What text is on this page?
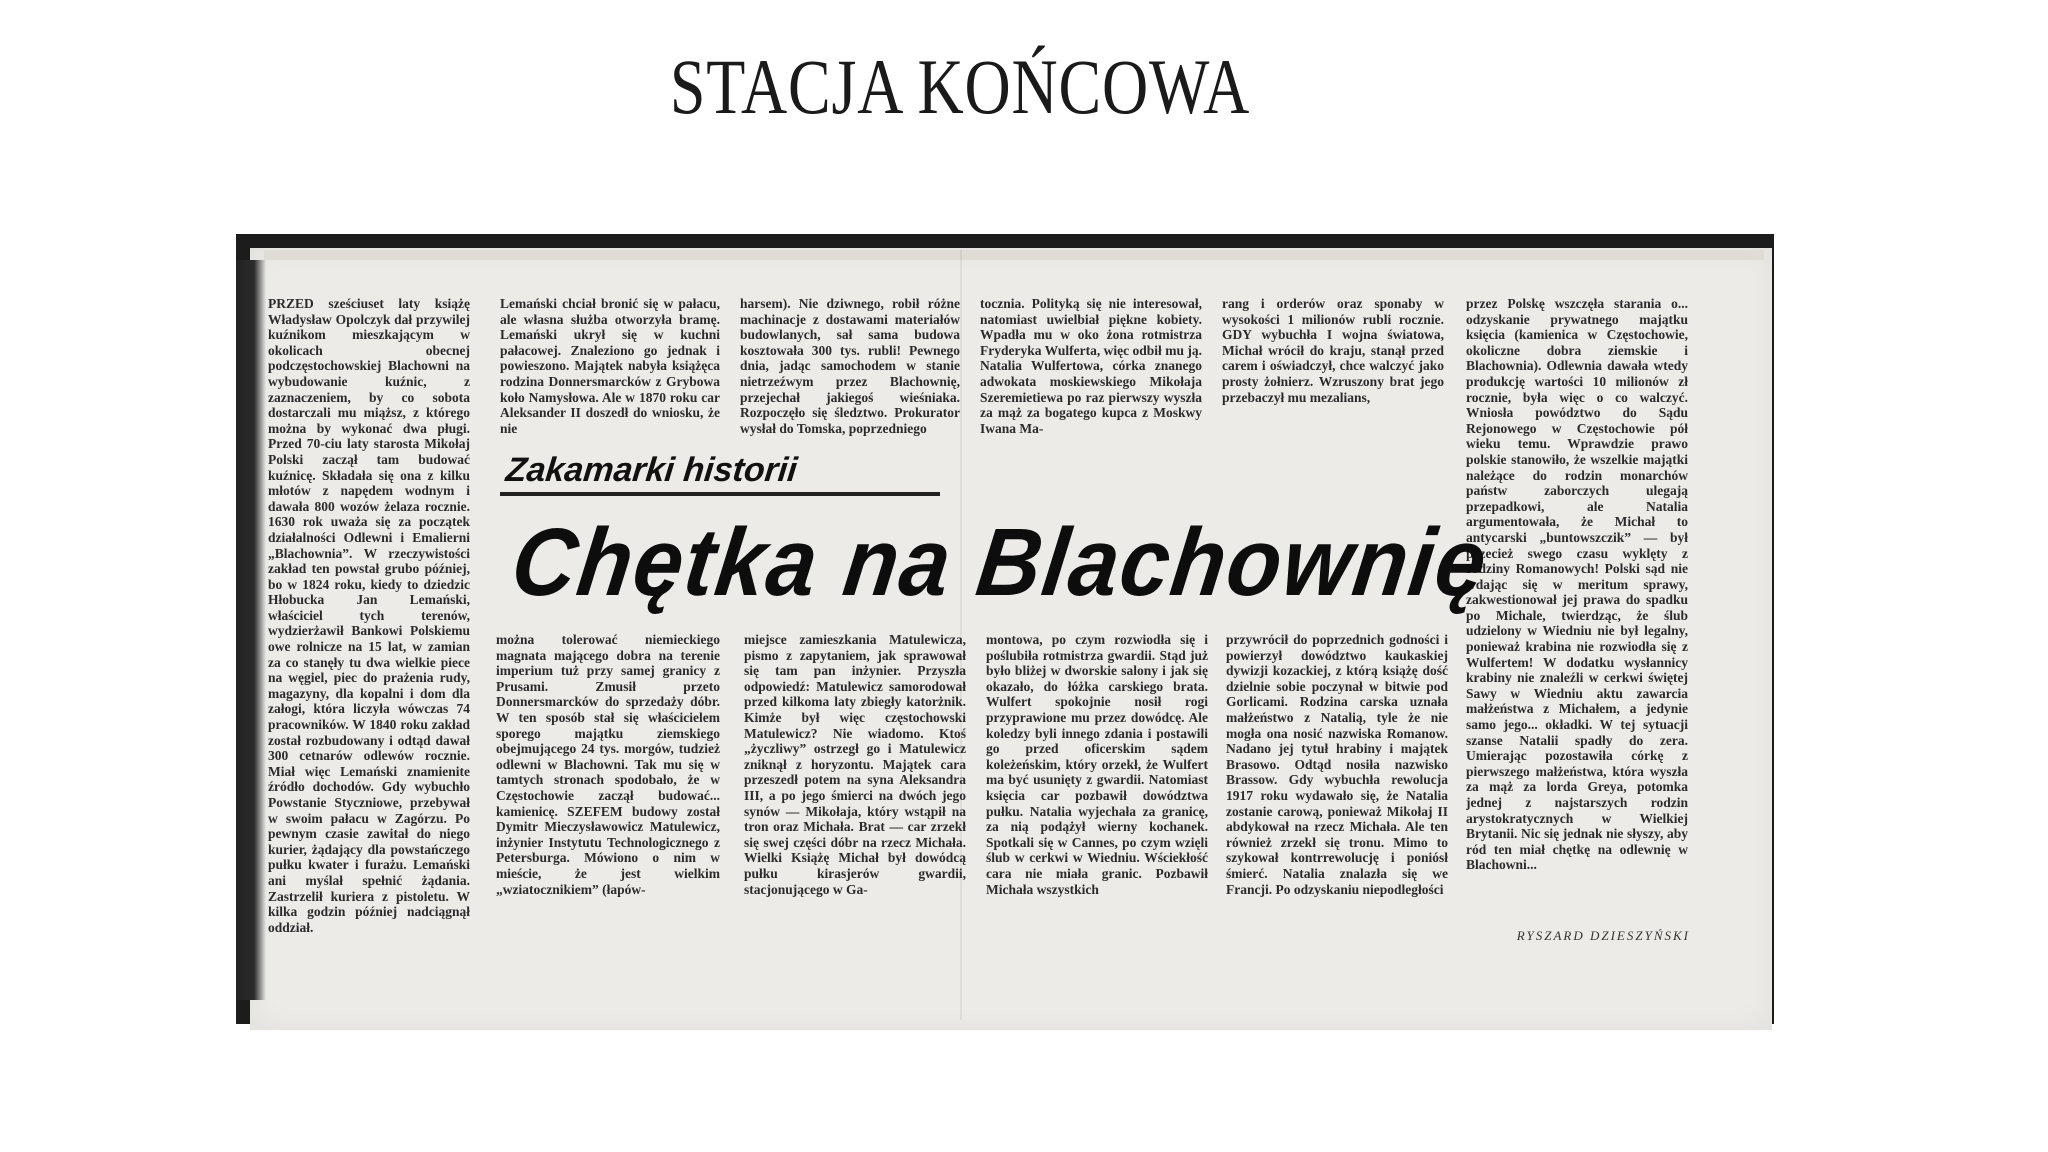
STACJA KOŃCOWA
PRZED sześciuset laty książę Władysław Opolczyk dał przywilej kuźnikom mieszkającym w okolicach obecnej podczęstochowskiej Blachowni na wybudowanie kuźnic, z zaznaczeniem, by co sobota dostarczali mu miąższ, z którego można by wykonać dwa pługi. Przed 70-ciu laty starosta Mikołaj Polski zaczął tam budować kuźnicę. Składała się ona z kilku młotów z napędem wodnym i dawała 800 wozów żelaza rocznie. 1630 rok uważa się za początek działalności Odlewni i Emalierni „Blachownia”. W rzeczywistości zakład ten powstał grubo później, bo w 1824 roku, kiedy to dziedzic Hłobucka Jan Lemański, właściciel tych terenów, wydzierżawił Bankowi Polskiemu owe rolnicze na 15 lat, w zamian za co stanęły tu dwa wielkie piece na węgiel, piec do prażenia rudy, magazyny, dla kopalni i dom dla załogi, która liczyła wówczas 74 pracowników. W 1840 roku zakład został rozbudowany i odtąd dawał 300 cetnarów odlewów rocznie. Miał więc Lemański znamienite źródło dochodów. Gdy wybuchło Powstanie Styczniowe, przebywał w swoim pałacu w Zagórzu. Po pewnym czasie zawitał do niego kurier, żądający dla powstańczego pułku kwater i furażu. Lemański ani myślał spełnić żądania. Zastrzelił kuriera z pistoletu. W kilka godzin później nadciągnął oddział.
Lemański chciał bronić się w pałacu, ale własna służba otworzyła bramę. Lemański ukrył się w kuchni pałacowej. Znaleziono go jednak i powieszono. Majątek nabyła książęca rodzina Donnersmarcków z Grybowa koło Namysłowa. Ale w 1870 roku car Aleksander II doszedł do wniosku, że nie
harsem). Nie dziwnego, robił różne machinacje z dostawami materiałów budowlanych, sał sama budowa kosztowała 300 tys. rubli! Pewnego dnia, jadąc samochodem w stanie nietrzeźwym przez Blachownię, przejechał jakiegoś wieśniaka. Rozpoczęło się śledztwo. Prokurator wysłał do Tomska, poprzedniego
tocznia. Polityką się nie interesował, natomiast uwielbiał piękne kobiety. Wpadła mu w oko żona rotmistrza Fryderyka Wulferta, więc odbił mu ją. Natalia Wulfertowa, córka znanego adwokata moskiewskiego Mikołaja Szeremietiewa po raz pierwszy wyszła za mąż za bogatego kupca z Moskwy Iwana Ma-
rang i orderów oraz sponaby w wysokości 1 milionów rubli rocznie. GDY wybuchła I wojna światowa, Michał wrócił do kraju, stanął przed carem i oświadczył, chce walczyć jako prosty żołnierz. Wzruszony brat jego przebaczył mu mezalians,
przez Polskę wszczęła starania o... odzyskanie prywatnego majątku księcia (kamienica w Częstochowie, okoliczne dobra ziemskie i Blachownia). Odlewnia dawała wtedy produkcję wartości 10 milionów zł rocznie, była więc o co walczyć. Wniosła powództwo do Sądu Rejonowego w Częstochowie pół wieku temu. Wprawdzie prawo polskie stanowiło, że wszelkie majątki należące do rodzin monarchów państw zaborczych ulegają przepadkowi, ale Natalia argumentowała, że Michał to antycarski „buntowszczik” — był przecież swego czasu wyklęty z rodziny Romanowych! Polski sąd nie wdając się w meritum sprawy, zakwestionował jej prawa do spadku po Michale, twierdząc, że ślub udzielony w Wiedniu nie był legalny, ponieważ krabina nie rozwiodła się z Wulfertem! W dodatku wysłannicy krabiny nie znaleźli w cerkwi świętej Sawy w Wiedniu aktu zawarcia małżeństwa z Michałem, a jedynie samo jego... okładki. W tej sytuacji szanse Natalii spadły do zera. Umierając pozostawiła córkę z pierwszego małżeństwa, która wyszła za mąż za lorda Greya, potomka jednej z najstarszych rodzin arystokratycznych w Wielkiej Brytanii. Nic się jednak nie słyszy, aby ród ten miał chętkę na odlewnię w Blachowni...
Zakamarki historii
Chętka na Blachownię
można tolerować niemieckiego magnata mającego dobra na terenie imperium tuż przy samej granicy z Prusami. Zmusił przeto Donnersmarcków do sprzedaży dóbr. W ten sposób stał się właścicielem sporego majątku ziemskiego obejmującego 24 tys. morgów, tudzież odlewni w Blachowni. Tak mu się w tamtych stronach spodobało, że w Częstochowie zaczął budować... kamienicę. SZEFEM budowy został Dymitr Mieczysławowicz Matulewicz, inżynier Instytutu Technologicznego z Petersburga. Mówiono o nim w mieście, że jest wielkim „wziatocznikiem” (łapów-
miejsce zamieszkania Matulewicza, pismo z zapytaniem, jak sprawował się tam pan inżynier. Przyszła odpowiedź: Matulewicz samorodował przed kilkoma laty zbiegły katorżnik. Kimże był więc częstochowski Matulewicz? Nie wiadomo. Ktoś „życzliwy” ostrzegł go i Matulewicz zniknął z horyzontu. Majątek cara przeszedł potem na syna Aleksandra III, a po jego śmierci na dwóch jego synów — Mikołaja, który wstąpił na tron oraz Michała. Brat — car zrzekł się swej części dóbr na rzecz Michała. Wielki Książę Michał był dowódcą pułku kirasjerów gwardii, stacjonującego w Ga-
montowa, po czym rozwiodła się i poślubiła rotmistrza gwardii. Stąd już było bliżej w dworskie salony i jak się okazało, do łóżka carskiego brata. Wulfert spokojnie nosił rogi przyprawione mu przez dowódcę. Ale koledzy byli innego zdania i postawili go przed oficerskim sądem koleżeńskim, który orzekł, że Wulfert ma być usunięty z gwardii. Natomiast księcia car pozbawił dowództwa pułku. Natalia wyjechała za granicę, za nią podążył wierny kochanek. Spotkali się w Cannes, po czym wzięli ślub w cerkwi w Wiedniu. Wściekłość cara nie miała granic. Pozbawił Michała wszystkich
przywrócił do poprzednich godności i powierzył dowództwo kaukaskiej dywizji kozackiej, z którą książę dość dzielnie sobie poczynał w bitwie pod Gorlicami. Rodzina carska uznała małżeństwo z Natalią, tyle że nie mogła ona nosić nazwiska Romanow. Nadano jej tytuł hrabiny i majątek Brasowo. Odtąd nosiła nazwisko Brassow. Gdy wybuchła rewolucja 1917 roku wydawało się, że Natalia zostanie carową, ponieważ Mikołaj II abdykował na rzecz Michała. Ale ten również zrzekł się tronu. Mimo to szykował kontrrewolucję i poniósł śmierć. Natalia znalazła się we Francji. Po odzyskaniu niepodległości
RYSZARD DZIESZYŃSKI
